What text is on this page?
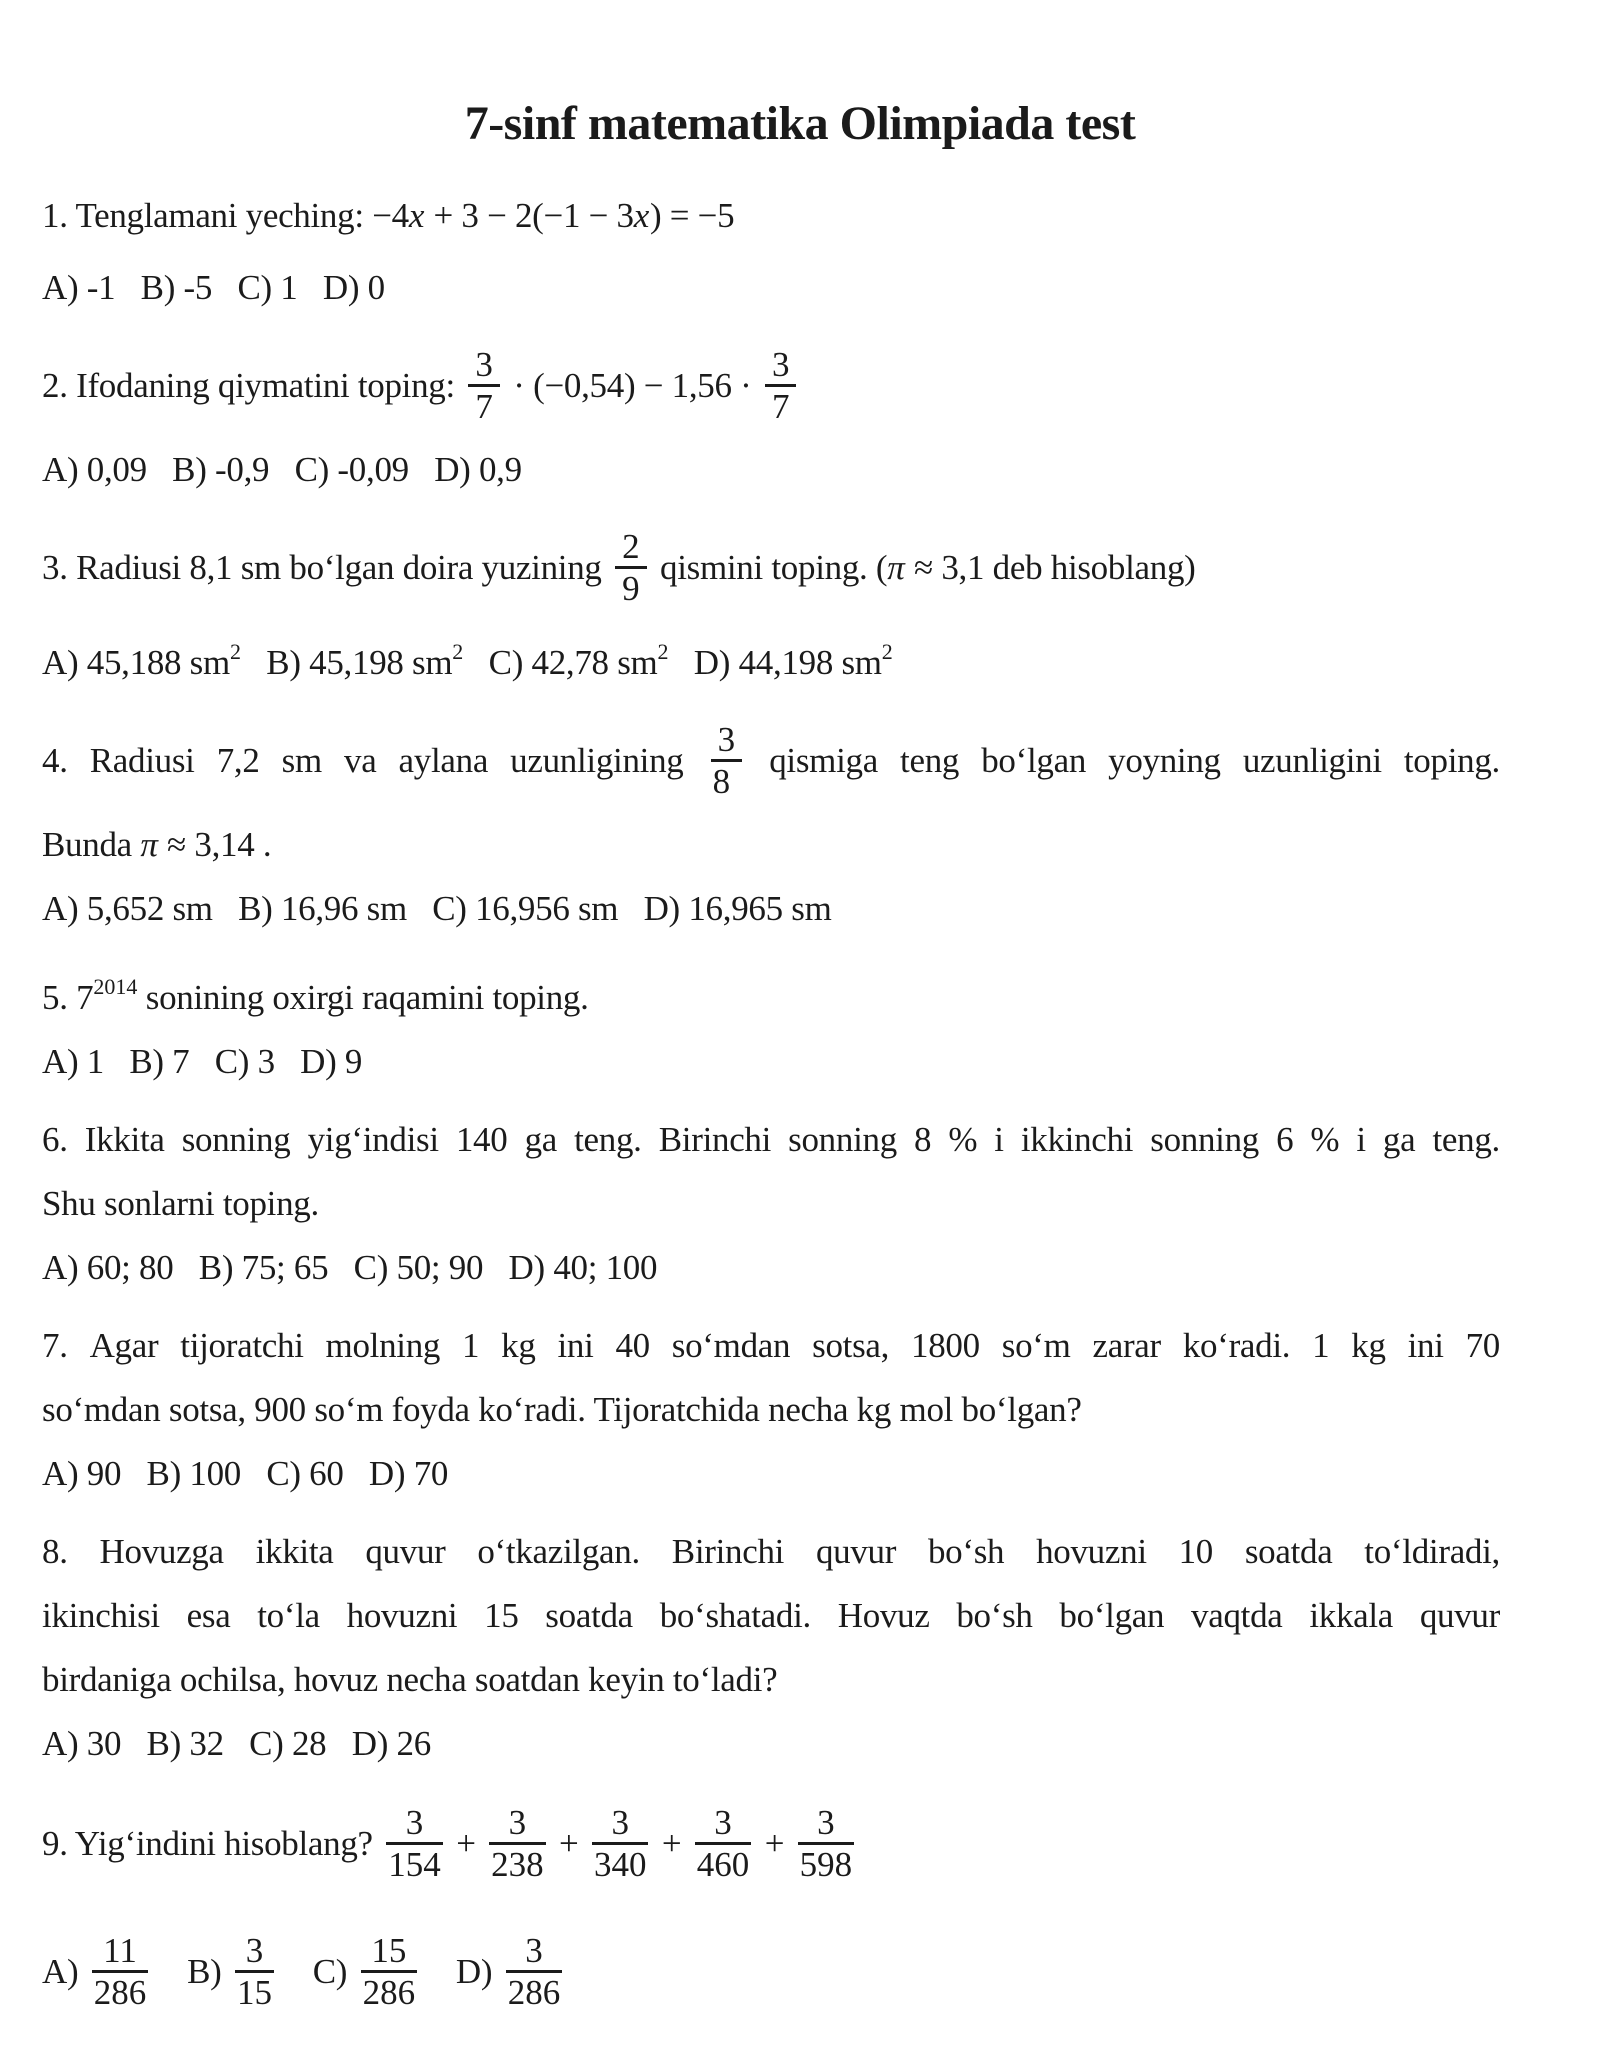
7-sinf matematika Olimpiada test
1. Tenglamani yeching: −4x + 3 − 2(−1 − 3x) = −5
A) -1   B) -5   C) 1   D) 0
2. Ifodaning qiymatini toping: $\frac{3}{7} \cdot (-0,54) - 1,56 \cdot \frac{3}{7}$
A) 0,09   B) -0,9   C) -0,09   D) 0,9
3. Radiusi 8,1 sm bo‘lgan doira yuzining $\frac{2}{9}$ qismini toping. (π ≈ 3,1 deb hisoblang)
A) 45,188 $sm^2$   B) 45,198 $sm^2$   C) 42,78 $sm^2$   D) 44,198 $sm^2$
4. Radiusi 7,2 sm va aylana uzunligining $\frac{3}{8}$ qismiga teng bo‘lgan yoyning uzunligini toping.
Bunda π ≈ 3,14 .
A) 5,652 sm   B) 16,96 sm   C) 16,956 sm   D) 16,965 sm
5. $7^{2014}$ sonining oxirgi raqamini toping.
A) 1   B) 7   C) 3   D) 9
6. Ikkita sonning yig‘indisi 140 ga teng. Birinchi sonning 8 % i ikkinchi sonning 6 % i ga teng.
Shu sonlarni toping.
A) 60; 80   B) 75; 65   C) 50; 90   D) 40; 100
7. Agar tijoratchi molning 1 kg ini 40 so‘mdan sotsa, 1800 so‘m zarar ko‘radi. 1 kg ini 70
so‘mdan sotsa, 900 so‘m foyda ko‘radi. Tijoratchida necha kg mol bo‘lgan?
A) 90   B) 100   C) 60   D) 70
8. Hovuzga ikkita quvur o‘tkazilgan. Birinchi quvur bo‘sh hovuzni 10 soatda to‘ldiradi,
ikinchisi esa to‘la hovuzni 15 soatda bo‘shatadi. Hovuz bo‘sh bo‘lgan vaqtda ikkala quvur
birdaniga ochilsa, hovuz necha soatdan keyin to‘ladi?
A) 30   B) 32   C) 28   D) 26
9. Yig‘indini hisoblang? $\frac{3}{154} + \frac{3}{238} + \frac{3}{340} + \frac{3}{460} + \frac{3}{598}$
$A) \frac{11}{286} B) \frac{3}{15} C) \frac{15}{286} D) \frac{3}{286}$
